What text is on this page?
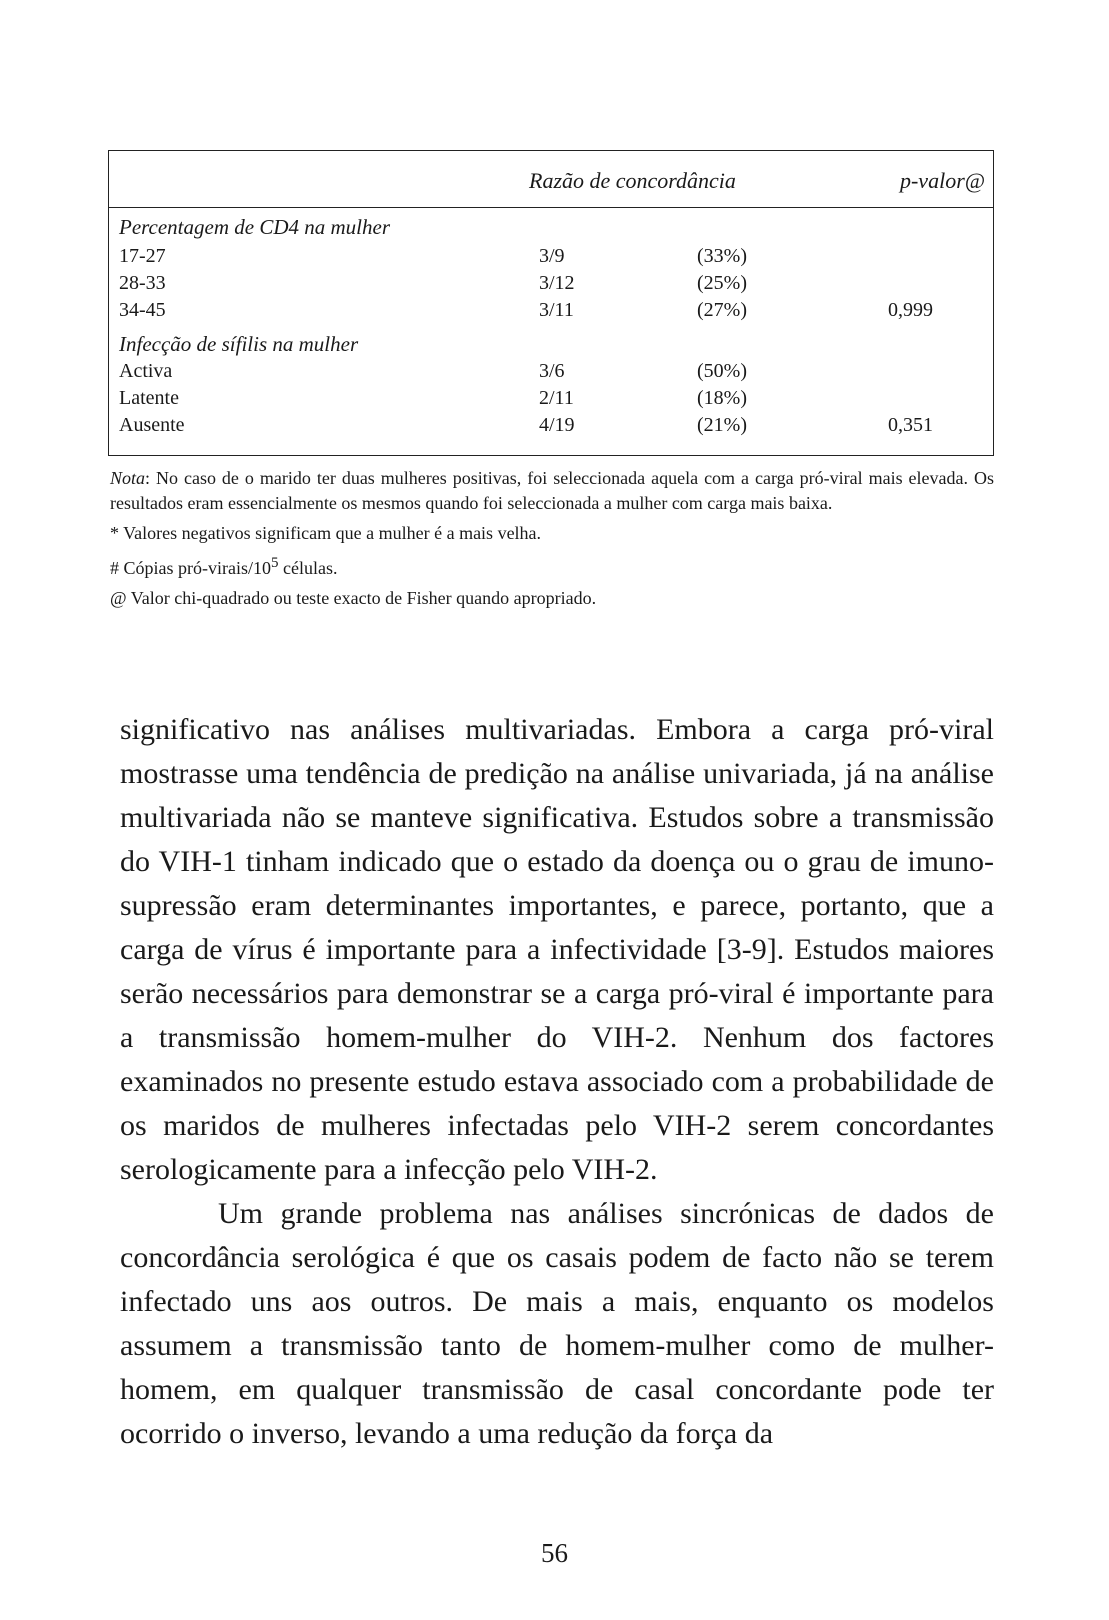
Razão de concordância	p-valor@
Percentagem de CD4 na mulher
17-27	3/9	(33%)
28-33	3/12	(25%)
34-45	3/11	(27%)	0,999
Infecção de sífilis na mulher
Activa	3/6	(50%)
Latente	2/11	(18%)
Ausente	4/19	(21%)	0,351

Nota: No caso de o marido ter duas mulheres positivas, foi seleccionada aquela com a carga pró-viral mais elevada. Os resultados eram essencialmente os mesmos quando foi seleccionada a mulher com carga mais baixa.

* Valores negativos significam que a mulher é a mais velha.

# Cópias pró-$virais/10^5$ células.

@ Valor chi-quadrado ou teste exacto de Fisher quando apropriado.

significativo nas análises multivariadas. Embora a carga pró-viral mostrasse uma tendência de predição na análise univariada, já na análise multivariada não se manteve significativa. Estudos sobre a transmissão do VIH-1 tinham indicado que o estado da doença ou o grau de imuno-supressão eram determinantes importantes, e parece, portanto, que a carga de vírus é importante para a infectividade [3-9]. Estudos maiores serão necessários para demonstrar se a carga pró-viral é importante para a transmissão homem-mulher do VIH-2. Nenhum dos factores examinados no presente estudo estava associado com a probabilidade de os maridos de mulheres infectadas pelo VIH-2 serem concordantes serologicamente para a infecção pelo VIH-2.

Um grande problema nas análises sincrónicas de dados de concordância serológica é que os casais podem de facto não se terem infectado uns aos outros. De mais a mais, enquanto os modelos assumem a transmissão tanto de homem-mulher como de mulher-homem, em qualquer transmissão de casal concordante pode ter ocorrido o inverso, levando a uma redução da força da

56
